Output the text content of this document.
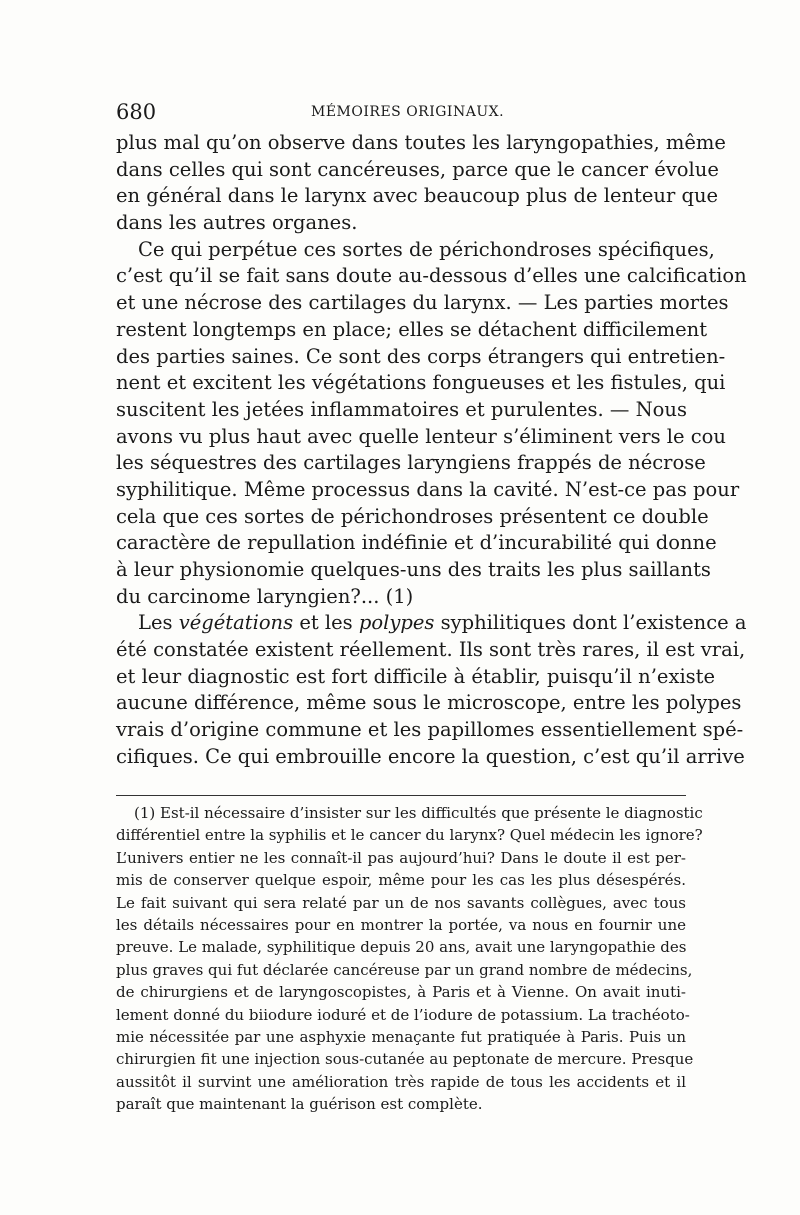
680	MÉMOIRES ORIGINAUX.
plus mal qu’on observe dans toutes les laryngopathies, même
dans celles qui sont cancéreuses, parce que le cancer évolue
en général dans le larynx avec beaucoup plus de lenteur que
dans les autres organes.
Ce qui perpétue ces sortes de périchondroses spécifiques,
c’est qu’il se fait sans doute au-dessous d’elles une calcification
et une nécrose des cartilages du larynx. — Les parties mortes
restent longtemps en place; elles se détachent difficilement
des parties saines. Ce sont des corps étrangers qui entretien-
nent et excitent les végétations fongueuses et les fistules, qui
suscitent les jetées inflammatoires et purulentes. — Nous
avons vu plus haut avec quelle lenteur s’éliminent vers le cou
les séquestres des cartilages laryngiens frappés de nécrose
syphilitique. Même processus dans la cavité. N’est-ce pas pour
cela que ces sortes de périchondroses présentent ce double
caractère de repullation indéfinie et d’incurabilité qui donne
à leur physionomie quelques-uns des traits les plus saillants
du carcinome laryngien?... (1)
Les végétations et les polypes syphilitiques dont l’existence a
été constatée existent réellement. Ils sont très rares, il est vrai,
et leur diagnostic est fort difficile à établir, puisqu’il n’existe
aucune différence, même sous le microscope, entre les polypes
vrais d’origine commune et les papillomes essentiellement spé-
cifiques. Ce qui embrouille encore la question, c’est qu’il arrive
(1) Est-il nécessaire d’insister sur les difficultés que présente le diagnostic
différentiel entre la syphilis et le cancer du larynx? Quel médecin les ignore?
L’univers entier ne les connaît-il pas aujourd’hui? Dans le doute il est per-
mis de conserver quelque espoir, même pour les cas les plus désespérés.
Le fait suivant qui sera relaté par un de nos savants collègues, avec tous
les détails nécessaires pour en montrer la portée, va nous en fournir une
preuve. Le malade, syphilitique depuis 20 ans, avait une laryngopathie des
plus graves qui fut déclarée cancéreuse par un grand nombre de médecins,
de chirurgiens et de laryngoscopistes, à Paris et à Vienne. On avait inuti-
lement donné du biiodure ioduré et de l’iodure de potassium. La trachéoto-
mie nécessitée par une asphyxie menaçante fut pratiquée à Paris. Puis un
chirurgien fit une injection sous-cutanée au peptonate de mercure. Presque
aussitôt il survint une amélioration très rapide de tous les accidents et il
paraît que maintenant la guérison est complète.
